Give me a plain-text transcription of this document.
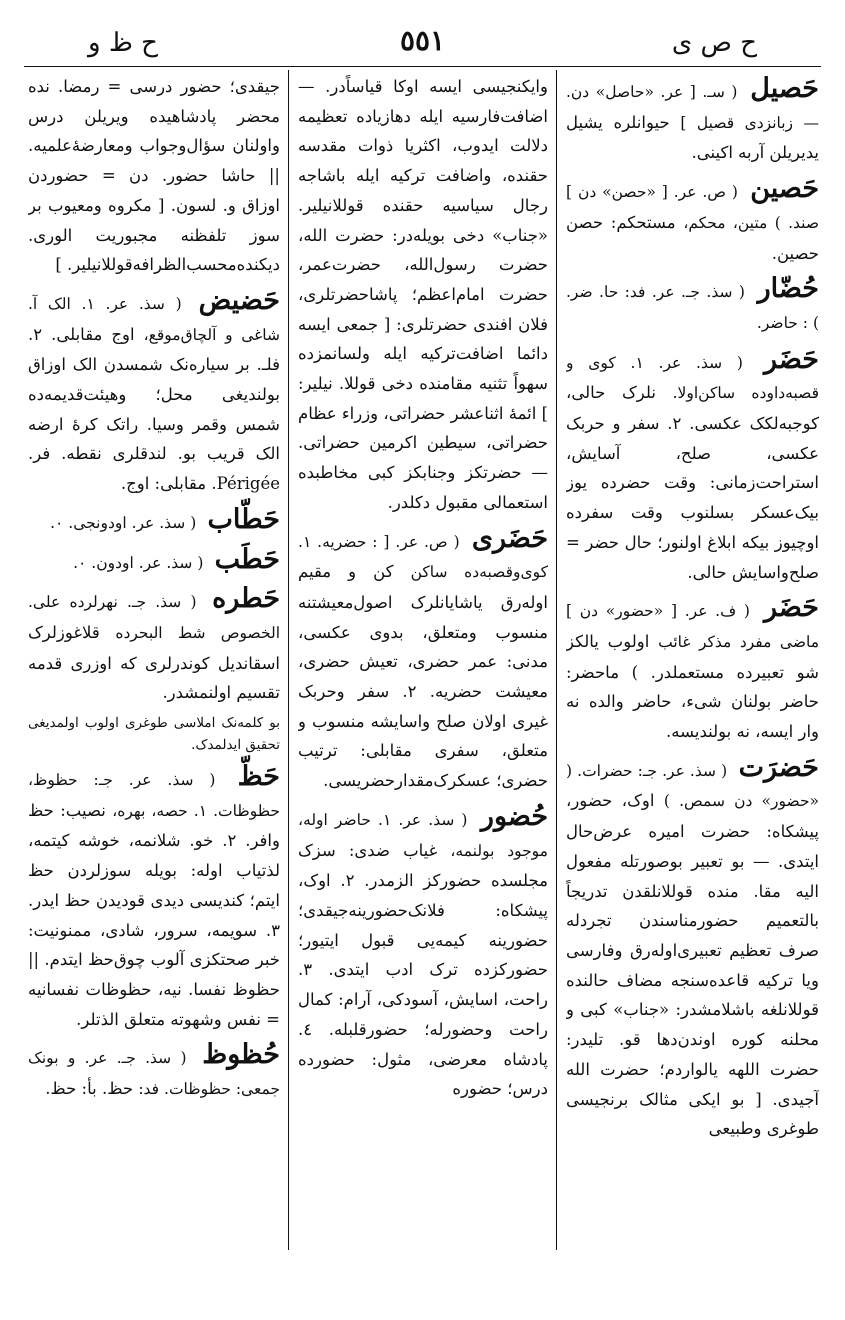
ح ص ی
٥٥١
ح ظ و
حَصیل ( سـ. [ عر. «حاصل» دن. — زبانزدی قصیل ] حیوانلره یشیل یدیریلن آربه اکینی.
حَصین ( ص. عر. [ «حصن» دن ] صند. ) متین، محکم، مستحکم: حصن حصین.
حُضّار ( سذ. جـ. عر. فد: حا. ضر. ) : حاضر.
حَضَر ( سذ. عر. ١. کوی و قصبه‌داوده ساکن‌اوﻻ. نلرک حالی، کوجبه‌لکک عکسی. ٢. سفر و حربک عکسی، صلح، آسایش، استراحت‌زمانی: وقت حضرده یوز بیک‌عسکر بسلنوب وقت سفرده اوچیوز بیکه ابلاغ اولنور؛ حال حضر = صلح‌واسایش حالی.
حَضَر ( ف. عر. [ «حضور» دن ] ماضی مفرد مذکر غائب اولوب یالکز شو تعبیرده مستعملدر. ) ماحضر: حاضر بولنان شیء، حاضر والده نه وار ایسه، نه بولندیسه.
حَضرَت ( سذ. عر. جـ: حضرات. ( «حضور» دن سمص. ) اوک، حضور، پیشکاه: حضرت امیره عرض‌حال ایتدی. — بو تعبیر بوصورتله مفعول الیه مقا. منده قوللانلقدن تدریجاً بالتعمیم حضورمناسندن تجردله صرف تعظیم تعبیری‌اولەرق وفارسی ویا ترکیه قاعده‌سنجه مضاف حالنده قوللانلغه باشلامشدر: «جناب» کبی و محلنه کوره اوندن‌دها قو. تلیدر: حضرت اللهه یالواردم؛ حضرت الله آجیدی. [ بو ایکی مثالک برنجیسی طوغری وطبیعی
وایکنجیسی ایسه اوکا قیاساً‌در. — اضافت‌فارسیه ایله دهازیاده تعظیمه دلالت ایدوب، اکثریا ذوات مقدسه حقنده، واضافت ترکیه ایله باشاجه رجال سیاسیه حقنده قوللانیلیر. «جناب» دخی بویله‌در: حضرت الله، حضرت رسول‌الله، حضرت‌عمر، حضرت امام‌اعظم؛ پاشاحضرتلری، فلان افندی حضرتلری: [ جمعی ایسه دائما اضافت‌ترکیه ایله ولسانمزده سهواً تثنیه مقامنده دخی قوللا. نیلیر: ] ائمۀ اثناعشر حضراتی، وزراء عظام حضراتی، سیطین اکرمین حضراتی. — حضرتکز وجنابکز کبی مخاطبده استعمالی مقبول دکلدر.
حَضَری ( ص. عر. [ : حضریه. ١. کوی‌وقصبه‌ده ساکن کن و مقیم اولەرق یاشایانلرک اصول‌معیشتنه منسوب ومتعلق، بدوی عکسی، مدنی: عمر حضری، تعیش حضری، معیشت حضریه. ٢. سفر وحربک غیری اولان صلح واسایشه منسوب و متعلق، سفری مقابلی: ترتیب حضری؛ عسکرک‌مقدار‌حضریسی.
حُضور ( سذ. عر. ١. حاضر اوله، موجود بولنمه، غیاب ضدی: سزک مجلسده حضورکز الزمدر. ٢. اوک، پیشکاه: فلانک‌حضورینه‌جیقدی؛ حضورینه کیمه‌یی قبول ایتیور؛ حضورکزده ترک ادب ایتدی. ٣. راحت، اسایش، آسودکی، آرام: کمال راحت وحضورله؛ حضورقلبله. ٤. پادشاه معرضی، مثول: حضورده درس؛ حضوره
جیقدی؛ حضور درسی = رمضا. نده محضر پادشاهیده ویریلن درس واولنان سؤال‌وجواب ومعارضۀ‌علمیه. || حاشا حضور. دن = حضوردن اوزاق و. لسون. [ مکروه ومعیوب بر سوز تلفظنه مجبوریت الوری. دیکنده‌محسب‌الظرافه‌قوللانیلیر. ]
حَضیض ( سذ. عر. ١. الک آ. شاغی و آلچاق‌موقع، اوج مقابلی. ٢. فلـ. بر سیاره‌نک شمسدن الک اوزاق بولندیغی محل؛ وهیئت‌قدیمه‌ده شمس وقمر وسیا. راتک کرۀ ارضه الک قریب بو. لندقلری نقطه. فر. Périgée. مقابلی: اوج.
حَطّاب ( سذ. عر. اودونجی. ٠.
حَطَب ( سذ. عر. اودون. ٠.
حَطره ( سذ. جـ. نهرلرده علی. الخصوص شط البحرده قلاغوزلرک اسقاندیل کوندرلری که اوزری قدمه تقسیم اولنمشدر.
بو کلمه‌نک املاسی طوغری اولوب اولمدیغی تحقیق ایدلمدک.
حَظّ ( سذ. عر. جـ: حظوظ، حظوظات. ١. حصه، بهره، نصیب: حظ وافر. ٢. خو. شلانمه، خوشه کیتمه، لذتیاب اوله: بویله سوزلردن حظ ایتم؛ کندیسی دیدی قودیدن حظ ایدر. ٣. سویمه، سرور، شادی، ممنونیت: خبر صحتکزی آلوب چوق‌حظ ایتدم. || حظوظ نفسا. نیه، حظوظات نفسانیه = نفس وشهوته متعلق الذتلر.
حُظوظ ( سذ. جـ. عر. و بونک جمعی: حظوظات. فد: حظ. بأ: حظ.
